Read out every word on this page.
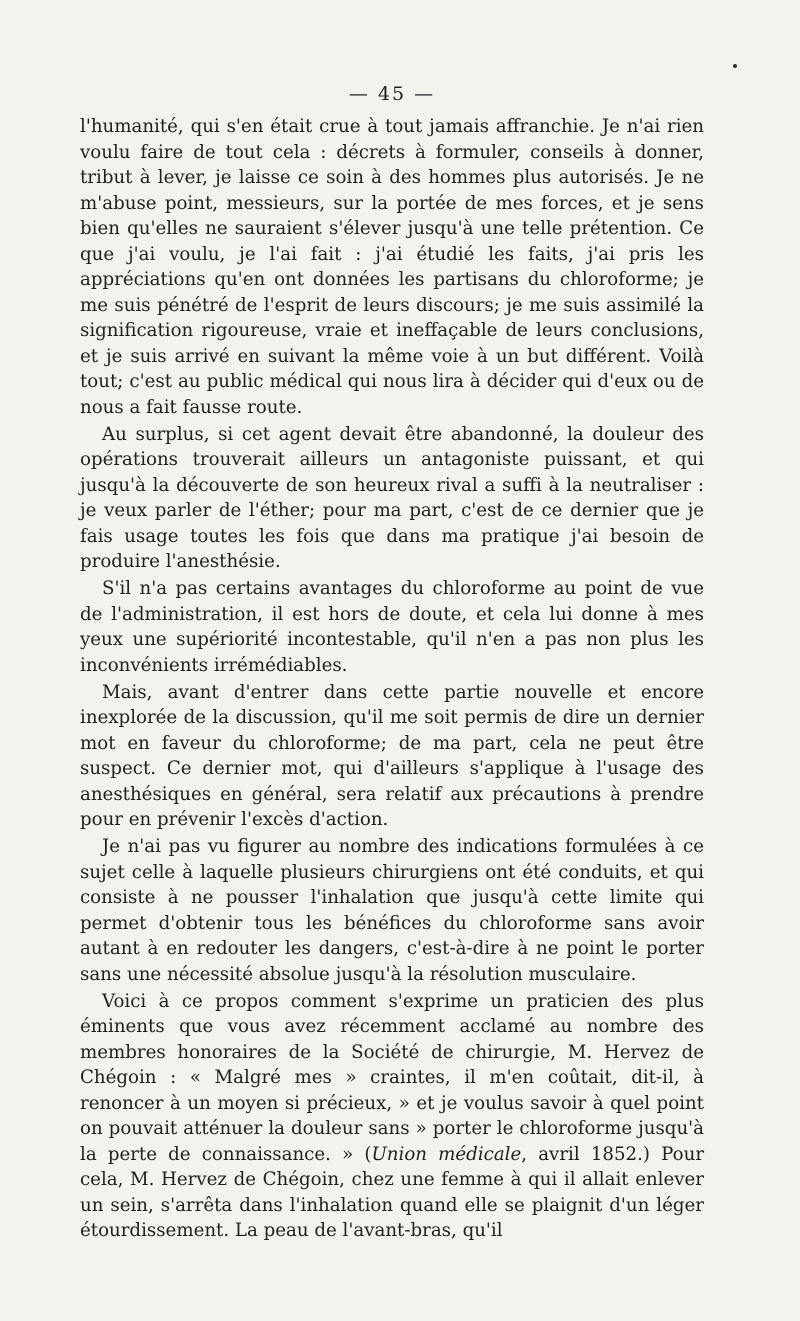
— 45 —

l'humanité, qui s'en était crue à tout jamais affranchie. Je n'ai rien voulu faire de tout cela : décrets à formuler, conseils à donner, tribut à lever, je laisse ce soin à des hommes plus autorisés. Je ne m'abuse point, messieurs, sur la portée de mes forces, et je sens bien qu'elles ne sauraient s'élever jusqu'à une telle prétention. Ce que j'ai voulu, je l'ai fait : j'ai étudié les faits, j'ai pris les appréciations qu'en ont données les partisans du chloroforme; je me suis pénétré de l'esprit de leurs discours; je me suis assimilé la signification rigoureuse, vraie et ineffaçable de leurs conclusions, et je suis arrivé en suivant la même voie à un but différent. Voilà tout; c'est au public médical qui nous lira à décider qui d'eux ou de nous a fait fausse route.

Au surplus, si cet agent devait être abandonné, la douleur des opérations trouverait ailleurs un antagoniste puissant, et qui jusqu'à la découverte de son heureux rival a suffi à la neutraliser : je veux parler de l'éther; pour ma part, c'est de ce dernier que je fais usage toutes les fois que dans ma pratique j'ai besoin de produire l'anesthésie.

S'il n'a pas certains avantages du chloroforme au point de vue de l'administration, il est hors de doute, et cela lui donne à mes yeux une supériorité incontestable, qu'il n'en a pas non plus les inconvénients irrémédiables.

Mais, avant d'entrer dans cette partie nouvelle et encore inexplorée de la discussion, qu'il me soit permis de dire un dernier mot en faveur du chloroforme; de ma part, cela ne peut être suspect. Ce dernier mot, qui d'ailleurs s'applique à l'usage des anesthésiques en général, sera relatif aux précautions à prendre pour en prévenir l'excès d'action.

Je n'ai pas vu figurer au nombre des indications formulées à ce sujet celle à laquelle plusieurs chirurgiens ont été conduits, et qui consiste à ne pousser l'inhalation que jusqu'à cette limite qui permet d'obtenir tous les bénéfices du chloroforme sans avoir autant à en redouter les dangers, c'est-à-dire à ne point le porter sans une nécessité absolue jusqu'à la résolution musculaire.

Voici à ce propos comment s'exprime un praticien des plus éminents que vous avez récemment acclamé au nombre des membres honoraires de la Société de chirurgie, M. Hervez de Chégoin : « Malgré mes » craintes, il m'en coûtait, dit-il, à renoncer à un moyen si précieux, » et je voulus savoir à quel point on pouvait atténuer la douleur sans » porter le chloroforme jusqu'à la perte de connaissance. » (Union médicale, avril 1852.) Pour cela, M. Hervez de Chégoin, chez une femme à qui il allait enlever un sein, s'arrêta dans l'inhalation quand elle se plaignit d'un léger étourdissement. La peau de l'avant-bras, qu'il
